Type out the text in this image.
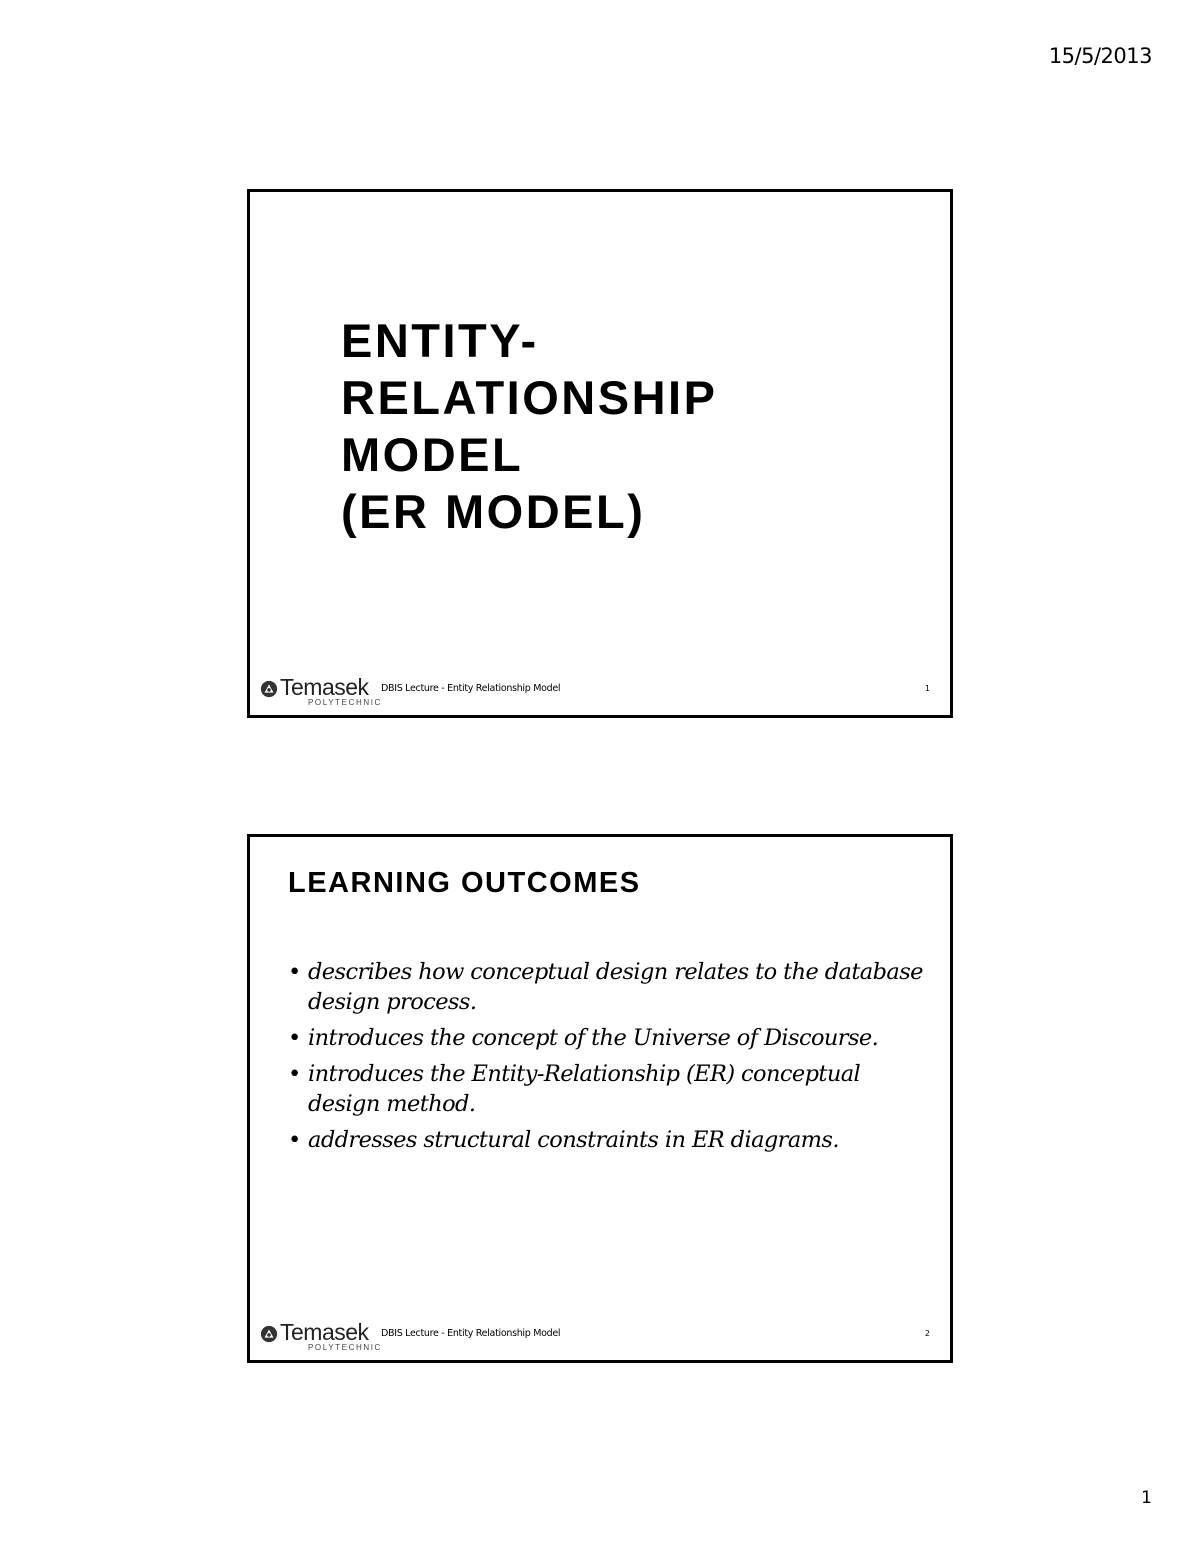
15/5/2013
ENTITY-
RELATIONSHIP
MODEL
(ER MODEL)
Temasek
POLYTECHNIC
DBIS Lecture - Entity Relationship Model	1
LEARNING OUTCOMES
• describes how conceptual design relates to the database design process.
• introduces the concept of the Universe of Discourse.
• introduces the Entity-Relationship (ER) conceptual design method.
• addresses structural constraints in ER diagrams.
Temasek
POLYTECHNIC
DBIS Lecture - Entity Relationship Model	2
1
